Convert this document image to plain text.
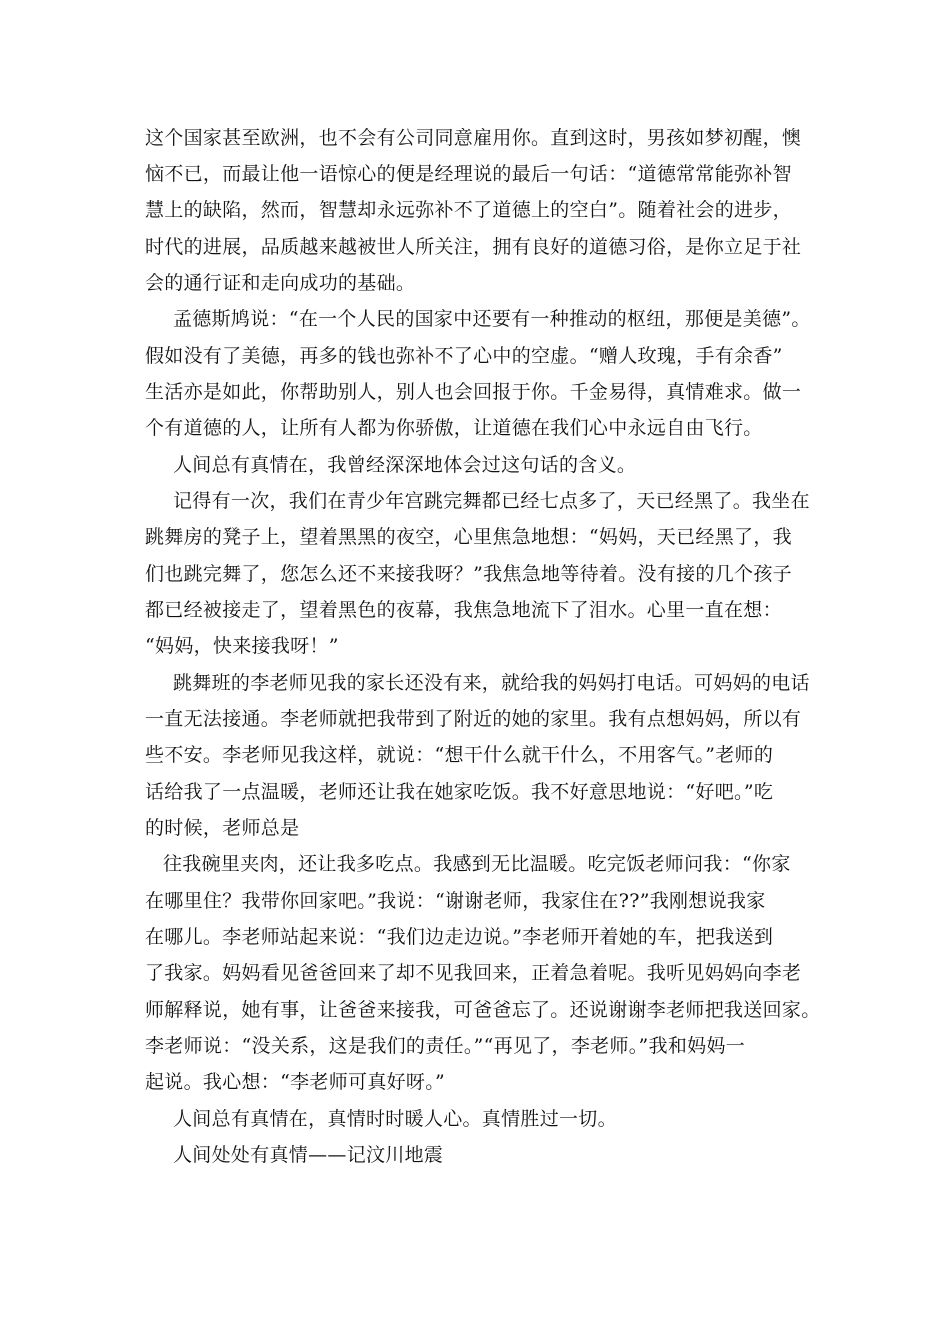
这个国家甚至欧洲，也不会有公司同意雇用你。直到这时，男孩如梦初醒，懊
恼不已，而最让他一语惊心的便是经理说的最后一句话：“道德常常能弥补智
慧上的缺陷，然而，智慧却永远弥补不了道德上的空白”。随着社会的进步，
时代的进展，品质越来越被世人所关注，拥有良好的道德习俗，是你立足于社
会的通行证和走向成功的基础。
孟德斯鸠说：“在一个人民的国家中还要有一种推动的枢纽，那便是美德”。
假如没有了美德，再多的钱也弥补不了心中的空虚。“赠人玫瑰，手有余香”
生活亦是如此，你帮助别人，别人也会回报于你。千金易得，真情难求。做一
个有道德的人，让所有人都为你骄傲，让道德在我们心中永远自由飞行。
人间总有真情在，我曾经深深地体会过这句话的含义。
记得有一次，我们在青少年宫跳完舞都已经七点多了，天已经黑了。我坐在
跳舞房的凳子上，望着黑黑的夜空，心里焦急地想：“妈妈，天已经黑了，我
们也跳完舞了，您怎么还不来接我呀？”我焦急地等待着。没有接的几个孩子
都已经被接走了，望着黑色的夜幕，我焦急地流下了泪水。心里一直在想：
“妈妈，快来接我呀！”
跳舞班的李老师见我的家长还没有来，就给我的妈妈打电话。可妈妈的电话
一直无法接通。李老师就把我带到了附近的她的家里。我有点想妈妈，所以有
些不安。李老师见我这样，就说：“想干什么就干什么，不用客气。”老师的
话给我了一点温暖，老师还让我在她家吃饭。我不好意思地说：“好吧。”吃
的时候，老师总是
往我碗里夹肉，还让我多吃点。我感到无比温暖。吃完饭老师问我：“你家
在哪里住？我带你回家吧。”我说：“谢谢老师，我家住在??”我刚想说我家
在哪儿。李老师站起来说：“我们边走边说。”李老师开着她的车，把我送到
了我家。妈妈看见爸爸回来了却不见我回来，正着急着呢。我听见妈妈向李老
师解释说，她有事，让爸爸来接我，可爸爸忘了。还说谢谢李老师把我送回家。
李老师说：“没关系，这是我们的责任。”“再见了，李老师。”我和妈妈一
起说。我心想：“李老师可真好呀。”
人间总有真情在，真情时时暖人心。真情胜过一切。
人间处处有真情——记汶川地震
